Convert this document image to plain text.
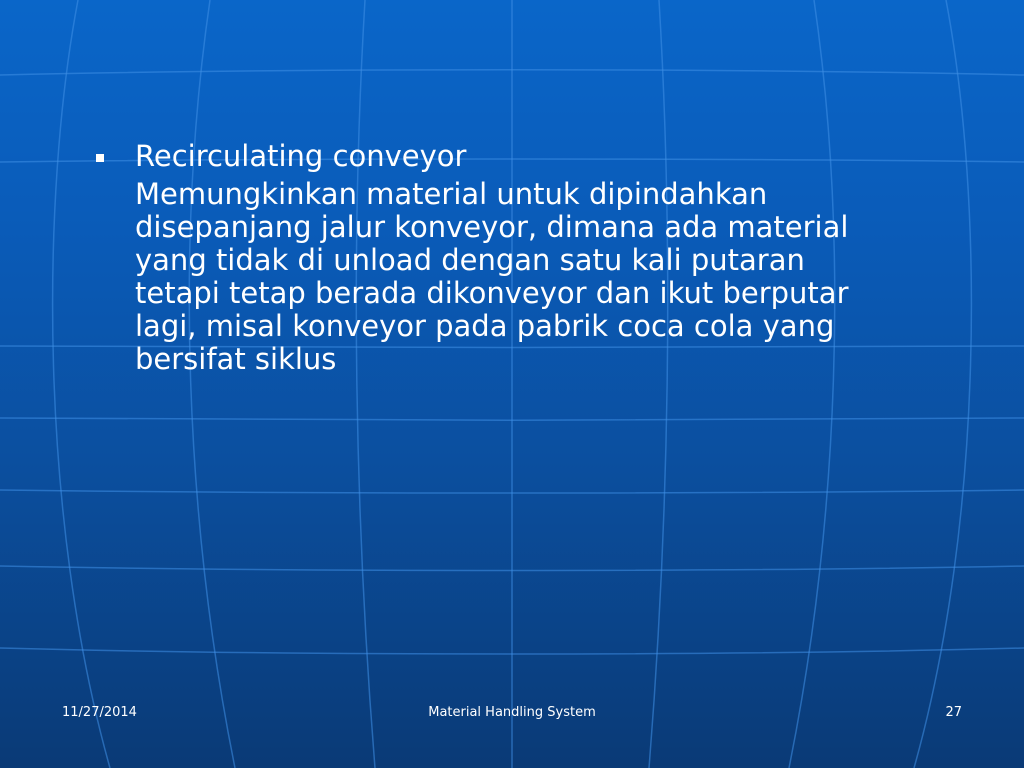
Recirculating conveyor
Memungkinkan material untuk dipindahkan disepanjang jalur konveyor, dimana ada material yang tidak di unload dengan satu kali putaran tetapi tetap berada dikonveyor dan ikut berputar lagi, misal konveyor pada pabrik coca cola yang bersifat siklus
11/27/2014	Material Handling System	27
